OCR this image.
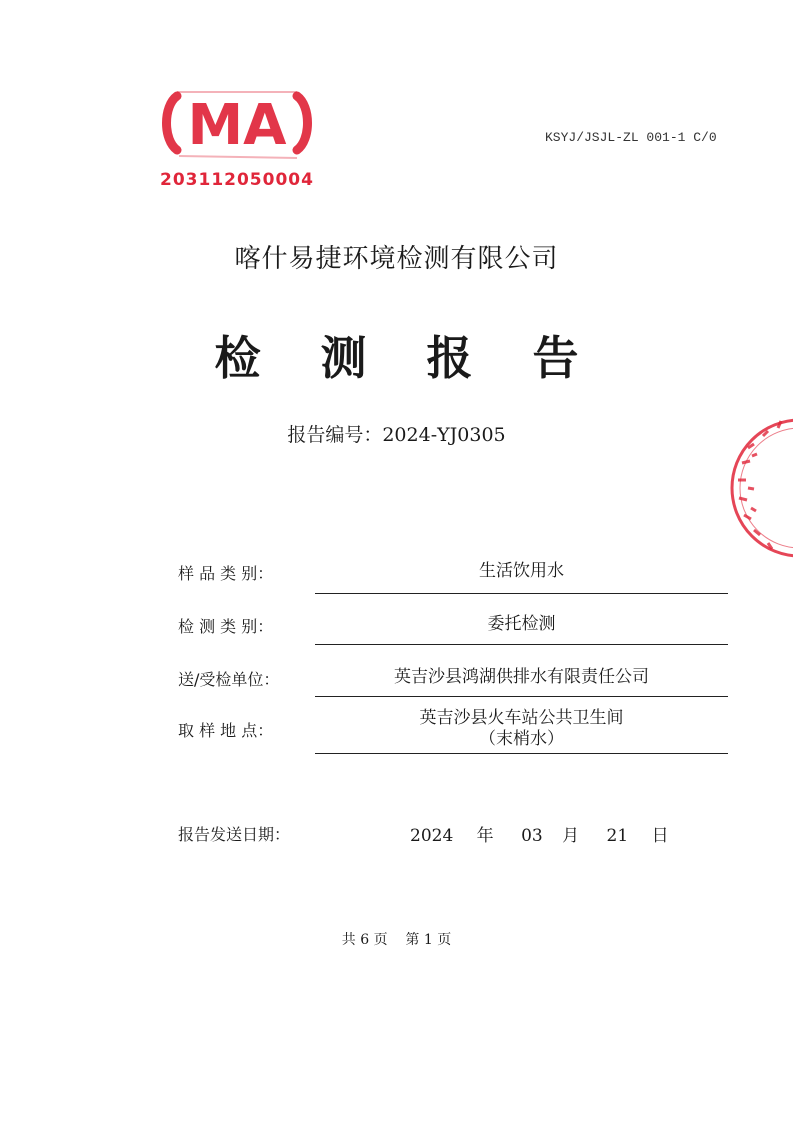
MA
203112050004
KSYJ/JSJL-ZL 001-1 C/0
喀什易捷环境检测有限公司
检 测 报 告
报告编号：2024-YJ0305
样 品 类 别：	生活饮用水
检 测 类 别：	委托检测
送/受检单位：	英吉沙县鸿湖供排水有限责任公司
取 样 地 点：
英吉沙县火车站公共卫生间
（末梢水）
报告发送日期：	2024 年 03 月 21 日
共 6 页    第 1 页
